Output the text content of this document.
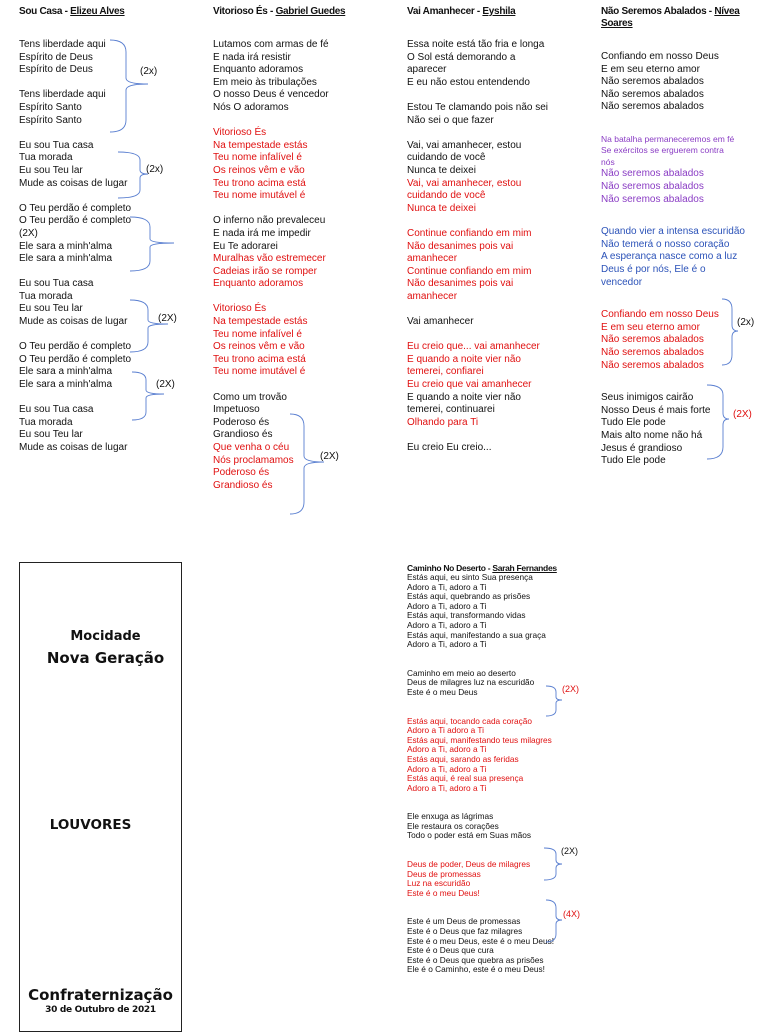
Sou Casa - Elizeu Alves
Tens liberdade aqui
Espírito de Deus
Espírito de Deus

Tens liberdade aqui
Espírito Santo
Espírito Santo
Eu sou Tua casa
Tua morada
Eu sou Teu lar
Mude as coisas de lugar
O Teu perdão é completo
O Teu perdão é completo
(2X)
Ele sara a minh'alma
Ele sara a minh'alma
Eu sou Tua casa
Tua morada
Eu sou Teu lar
Mude as coisas de lugar
O Teu perdão é completo
O Teu perdão é completo
Ele sara a minh'alma
Ele sara a minh'alma
Eu sou Tua casa
Tua morada
Eu sou Teu lar
Mude as coisas de lugar
(2x)
(2x)
(2X)
(2X)
Vitorioso És - Gabriel Guedes
Lutamos com armas de fé
E nada irá resistir
Enquanto adoramos
Em meio às tribulações
O nosso Deus é vencedor
Nós O adoramos
Vitorioso És
Na tempestade estás
Teu nome infalível é
Os reinos vêm e vão
Teu trono acima está
Teu nome imutável é
O inferno não prevaleceu
E nada irá me impedir
Eu Te adorarei
Muralhas vão estremecer
Cadeias irão se romper
Enquanto adoramos
Vitorioso És
Na tempestade estás
Teu nome infalível é
Os reinos vêm e vão
Teu trono acima está
Teu nome imutável é
Como um trovão
Impetuoso
Poderoso és
Grandioso és
Que venha o céu
Nós proclamamos
Poderoso és
Grandioso és
(2X)
Vai Amanhecer - Eyshila
Essa noite está tão fria e longa
O Sol está demorando a
aparecer
E eu não estou entendendo
Estou Te clamando pois não sei
Não sei o que fazer
Vai, vai amanhecer, estou
cuidando de você
Nunca te deixei
Vai, vai amanhecer, estou
cuidando de você
Nunca te deixei
Continue confiando em mim
Não desanimes pois vai
amanhecer
Continue confiando em mim
Não desanimes pois vai
amanhecer
Vai amanhecer
Eu creio que... vai amanhecer
E quando a noite vier não
temerei, confiarei
Eu creio que vai amanhecer
E quando a noite vier não
temerei, continuarei
Olhando para Ti
Eu creio Eu creio...
Não Seremos Abalados - Nívea
Soares
Confiando em nosso Deus
E em seu eterno amor
Não seremos abalados
Não seremos abalados
Não seremos abalados
Na batalha permaneceremos em fé
Se exércitos se erguerem contra
nós
Não seremos abalados
Não seremos abalados
Não seremos abalados
Quando vier a intensa escuridão
Não temerá o nosso coração
A esperança nasce como a luz
Deus é por nós, Ele é o
vencedor
Confiando em nosso Deus
E em seu eterno amor
Não seremos abalados
Não seremos abalados
Não seremos abalados
Seus inimigos cairão
Nosso Deus é mais forte
Tudo Ele pode
Mais alto nome não há
Jesus é grandioso
Tudo Ele pode
(2x)
(2X)
Mocidade
Nova Geração
LOUVORES
Confraternização
30 de Outubro de 2021
Caminho No Deserto - Sarah Fernandes
Estás aqui, eu sinto Sua presença
Adoro a Ti, adoro a Ti
Estás aqui, quebrando as prisões
Adoro a Ti, adoro a Ti
Estás aqui, transformando vidas
Adoro a Ti, adoro a Ti
Estás aqui, manifestando a sua graça
Adoro a Ti, adoro a Ti
Caminho em meio ao deserto
Deus de milagres luz na escuridão
Este é o meu Deus
Estás aqui, tocando cada coração
Adoro a Ti adoro a Ti
Estás aqui, manifestando teus milagres
Adoro a Ti, adoro a Ti
Estás aqui, sarando as feridas
Adoro a Ti, adoro a Ti
Estás aqui, é real sua presença
Adoro a Ti, adoro a Ti
Ele enxuga as lágrimas
Ele restaura os corações
Todo o poder está em Suas mãos
Deus de poder, Deus de milagres
Deus de promessas
Luz na escuridão
Este é o meu Deus!
Este é um Deus de promessas
Este é o Deus que faz milagres
Este é o meu Deus, este é o meu Deus!
Este é o Deus que cura
Este é o Deus que quebra as prisões
Ele é o Caminho, este é o meu Deus!
(2X)
(2X)
(4X)
